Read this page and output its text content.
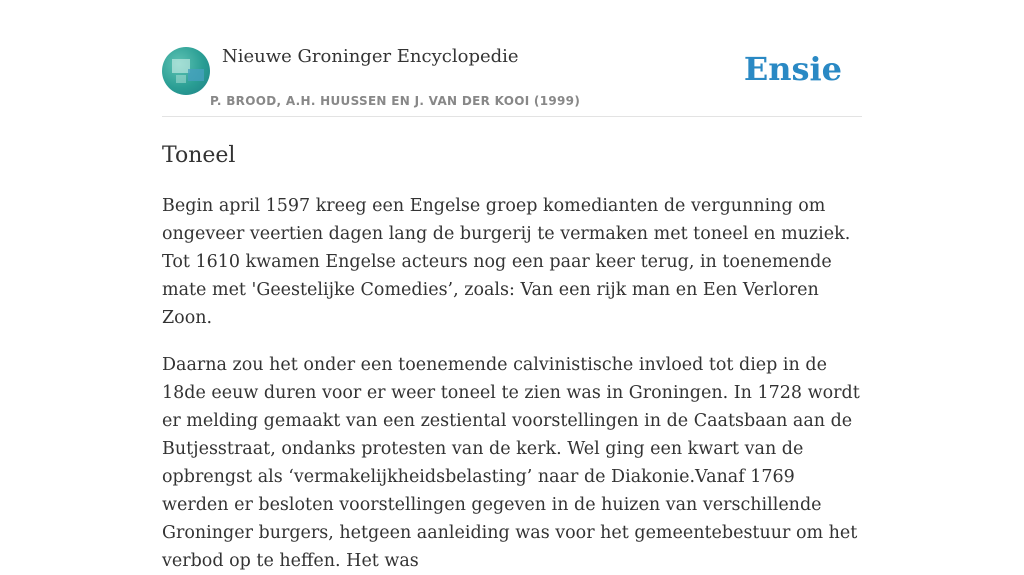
Nieuwe Groninger Encyclopedie
P. BROOD, A.H. HUUSSEN EN J. VAN DER KOOI (1999)
Ensie
Toneel

Begin april 1597 kreeg een Engelse groep komedianten de vergunning om ongeveer veertien dagen lang de burgerij te vermaken met toneel en muziek. Tot 1610 kwamen Engelse acteurs nog een paar keer terug, in toenemende mate met 'Geestelijke Comedies’, zoals: Van een rijk man en Een Verloren Zoon.

Daarna zou het onder een toenemende calvinistische invloed tot diep in de 18de eeuw duren voor er weer toneel te zien was in Groningen. In 1728 wordt er melding gemaakt van een zestiental voorstellingen in de Caatsbaan aan de Butjesstraat, ondanks protesten van de kerk. Wel ging een kwart van de opbrengst als ‘vermakelijkheidsbelasting’ naar de Diakonie.Vanaf 1769 werden er besloten voorstellingen gegeven in de huizen van verschillende Groninger burgers, hetgeen aanleiding was voor het gemeentebestuur om het verbod op te heffen. Het was
